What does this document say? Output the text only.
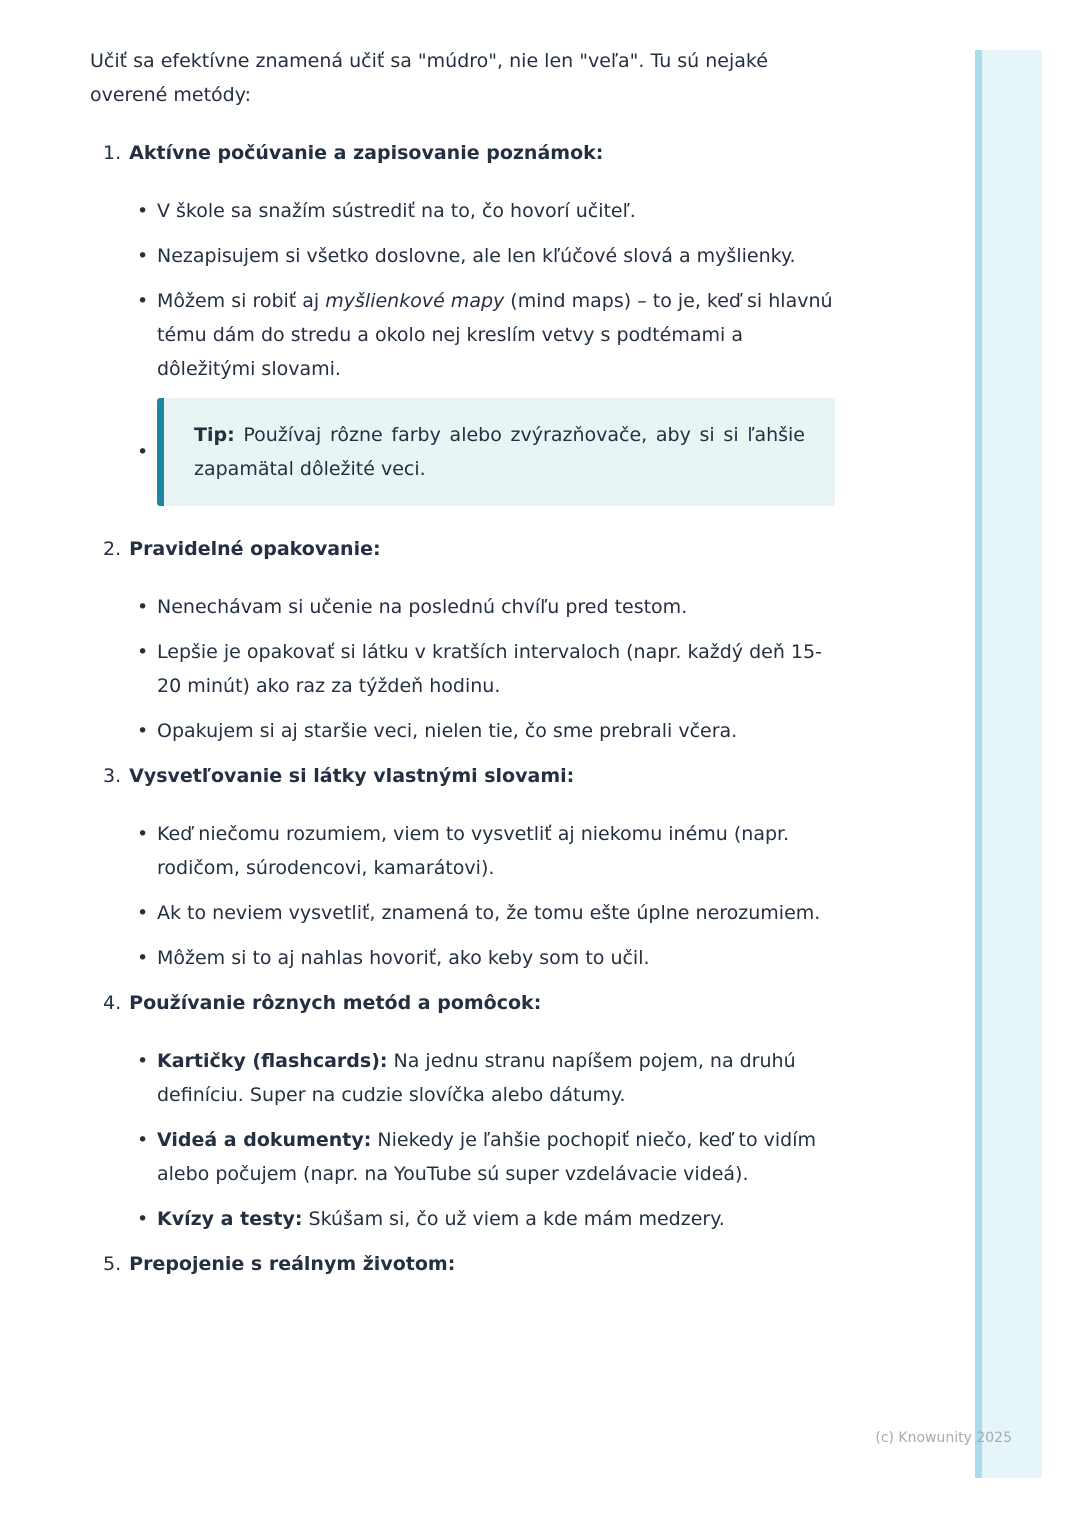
Učiť sa efektívne znamená učiť sa "múdro", nie len "veľa". Tu sú nejaké overené metódy:

1. Aktívne počúvanie a zapisovanie poznámok:
• V škole sa snažím sústrediť na to, čo hovorí učiteľ.
• Nezapisujem si všetko doslovne, ale len kľúčové slová a myšlienky.
• Môžem si robiť aj myšlienkové mapy (mind maps) – to je, keď si hlavnú tému dám do stredu a okolo nej kreslím vetvy s podtémami a dôležitými slovami.
•
Tip: Používaj rôzne farby alebo zvýrazňovače, aby si si ľahšie zapamätal dôležité veci.
2. Pravidelné opakovanie:
• Nenechávam si učenie na poslednú chvíľu pred testom.
• Lepšie je opakovať si látku v kratších intervaloch (napr. každý deň 15-20 minút) ako raz za týždeň hodinu.
• Opakujem si aj staršie veci, nielen tie, čo sme prebrali včera.
3. Vysvetľovanie si látky vlastnými slovami:
• Keď niečomu rozumiem, viem to vysvetliť aj niekomu inému (napr. rodičom, súrodencovi, kamarátovi).
• Ak to neviem vysvetliť, znamená to, že tomu ešte úplne nerozumiem.
• Môžem si to aj nahlas hovoriť, ako keby som to učil.
4. Používanie rôznych metód a pomôcok:
• Kartičky (flashcards): Na jednu stranu napíšem pojem, na druhú definíciu. Super na cudzie slovíčka alebo dátumy.
• Videá a dokumenty: Niekedy je ľahšie pochopiť niečo, keď to vidím alebo počujem (napr. na YouTube sú super vzdelávacie videá).
• Kvízy a testy: Skúšam si, čo už viem a kde mám medzery.
5. Prepojenie s reálnym životom:
(c) Knowunity 2025
